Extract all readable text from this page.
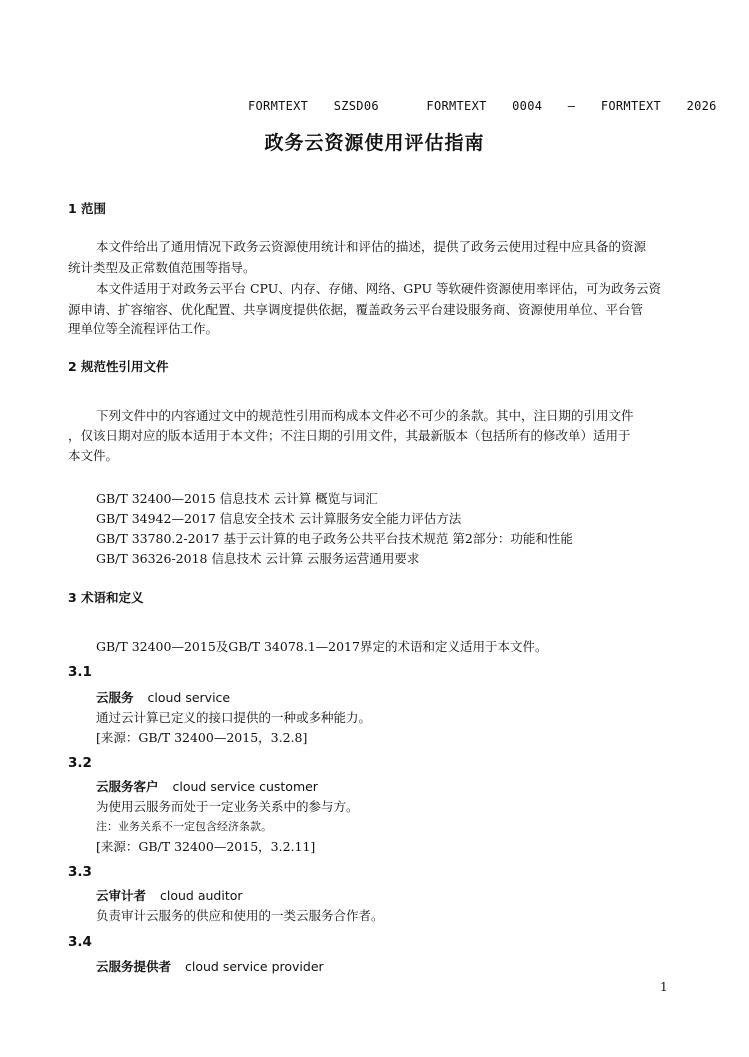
FORMTEXT SZSD06	FORMTEXT 0004 — FORMTEXT 2026
政务云资源使用评估指南
1 范围
本文件给出了通用情况下政务云资源使用统计和评估的描述，提供了政务云使用过程中应具备的资源
统计类型及正常数值范围等指导。
本文件适用于对政务云平台 CPU、内存、存储、网络、GPU 等软硬件资源使用率评估，可为政务云资
源申请、扩容缩容、优化配置、共享调度提供依据，覆盖政务云平台建设服务商、资源使用单位、平台管
理单位等全流程评估工作。
2 规范性引用文件
下列文件中的内容通过文中的规范性引用而构成本文件必不可少的条款。其中，注日期的引用文件
，仅该日期对应的版本适用于本文件；不注日期的引用文件，其最新版本（包括所有的修改单）适用于
本文件。
GB/T 32400—2015 信息技术 云计算 概览与词汇
GB/T 34942—2017 信息安全技术 云计算服务安全能力评估方法
GB/T 33780.2-2017 基于云计算的电子政务公共平台技术规范 第2部分：功能和性能
GB/T 36326-2018 信息技术 云计算 云服务运营通用要求
3 术语和定义
GB/T 32400—2015及GB/T 34078.1—2017界定的术语和定义适用于本文件。
3.1
云服务 cloud service
通过云计算已定义的接口提供的一种或多种能力。
[来源：GB/T 32400—2015，3.2.8]
3.2
云服务客户 cloud service customer
为使用云服务而处于一定业务关系中的参与方。
注：业务关系不一定包含经济条款。
[来源：GB/T 32400—2015，3.2.11]
3.3
云审计者 cloud auditor
负责审计云服务的供应和使用的一类云服务合作者。
3.4
云服务提供者 cloud service provider
1
